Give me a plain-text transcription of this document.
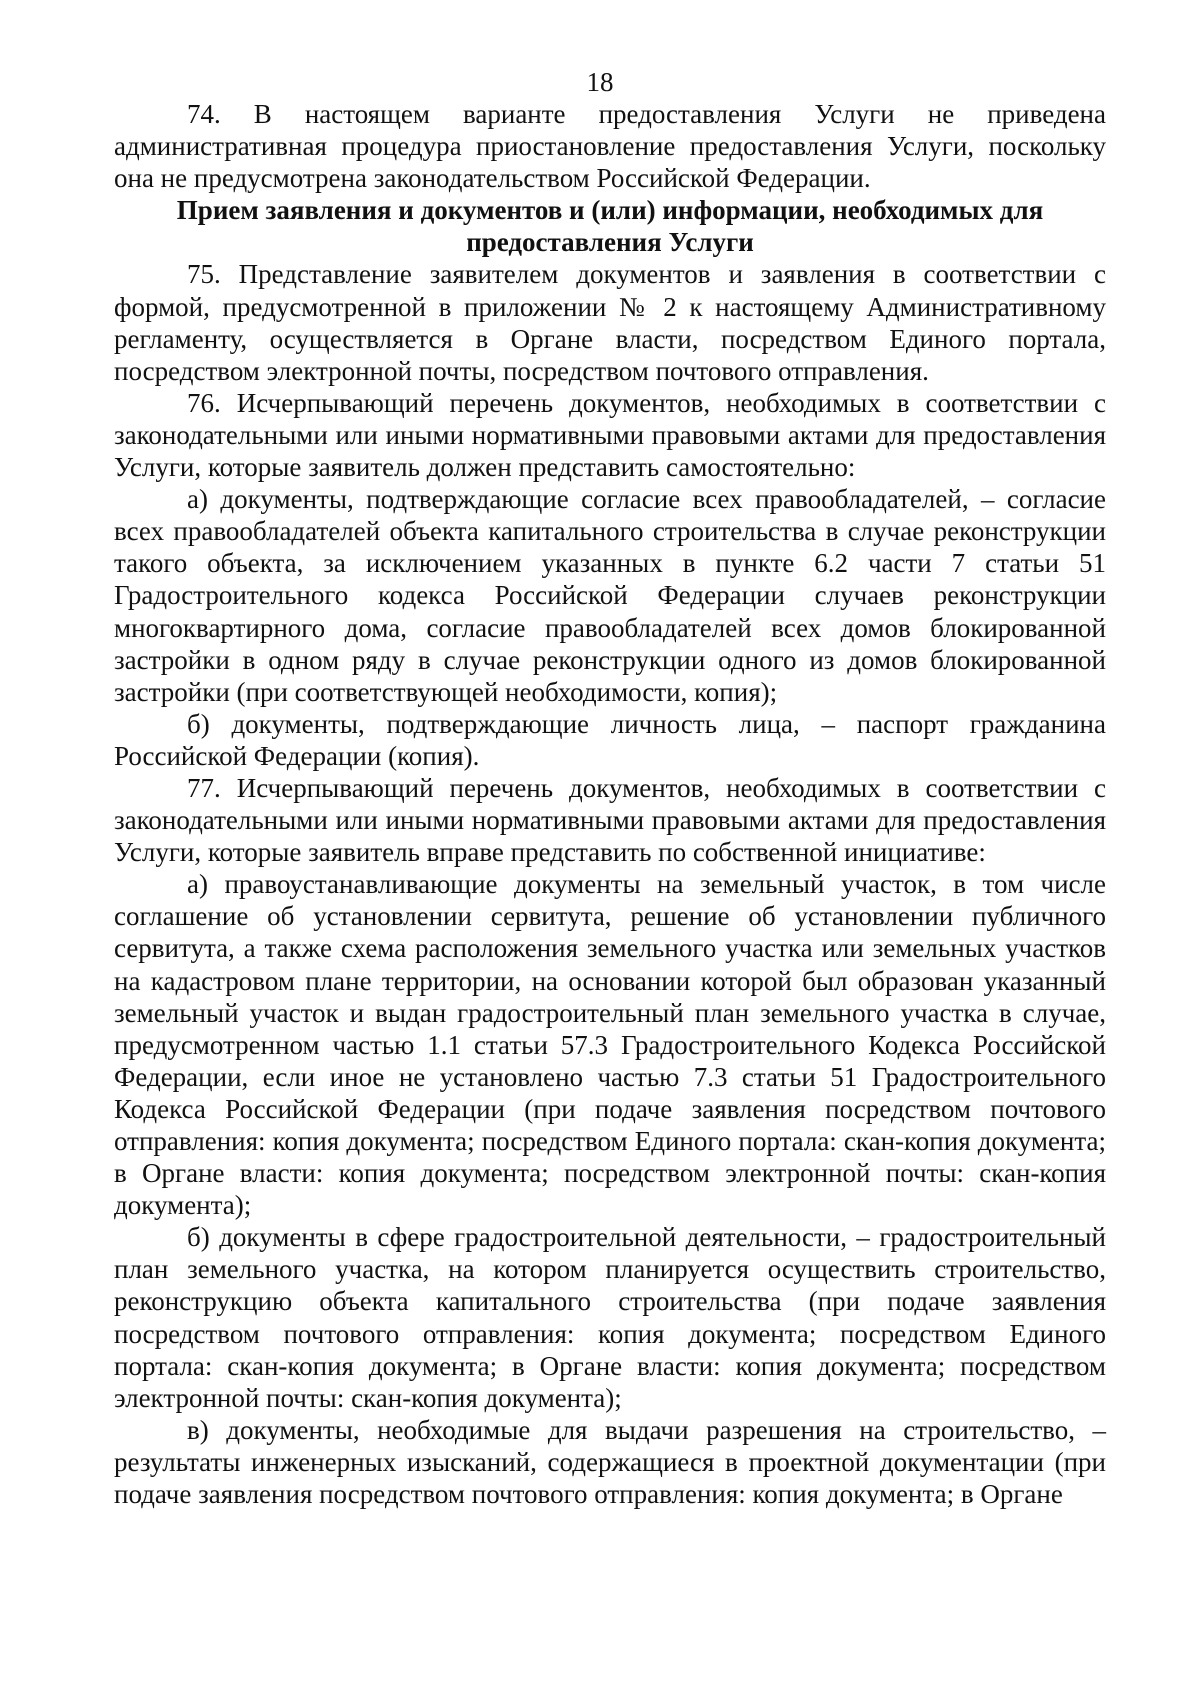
18

74. В настоящем варианте предоставления Услуги не приведена административная процедура приостановление предоставления Услуги, поскольку она не предусмотрена законодательством Российской Федерации.

Прием заявления и документов и (или) информации, необходимых для
предоставления Услуги

75. Представление заявителем документов и заявления в соответствии с формой, предусмотренной в приложении № 2 к настоящему Административному регламенту, осуществляется в Органе власти, посредством Единого портала, посредством электронной почты, посредством почтового отправления.

76. Исчерпывающий перечень документов, необходимых в соответствии с законодательными или иными нормативными правовыми актами для предоставления Услуги, которые заявитель должен представить самостоятельно:

а) документы, подтверждающие согласие всех правообладателей, – согласие всех правообладателей объекта капитального строительства в случае реконструкции такого объекта, за исключением указанных в пункте 6.2 части 7 статьи 51 Градостроительного кодекса Российской Федерации случаев реконструкции многоквартирного дома, согласие правообладателей всех домов блокированной застройки в одном ряду в случае реконструкции одного из домов блокированной застройки (при соответствующей необходимости, копия);

б) документы, подтверждающие личность лица, – паспорт гражданина Российской Федерации (копия).

77. Исчерпывающий перечень документов, необходимых в соответствии с законодательными или иными нормативными правовыми актами для предоставления Услуги, которые заявитель вправе представить по собственной инициативе:

а) правоустанавливающие документы на земельный участок, в том числе соглашение об установлении сервитута, решение об установлении публичного сервитута, а также схема расположения земельного участка или земельных участков на кадастровом плане территории, на основании которой был образован указанный земельный участок и выдан градостроительный план земельного участка в случае, предусмотренном частью 1.1 статьи 57.3 Градостроительного Кодекса Российской Федерации, если иное не установлено частью 7.3 статьи 51 Градостроительного Кодекса Российской Федерации (при подаче заявления посредством почтового отправления: копия документа; посредством Единого портала: скан-копия документа; в Органе власти: копия документа; посредством электронной почты: скан-копия документа);

б) документы в сфере градостроительной деятельности, – градостроительный план земельного участка, на котором планируется осуществить строительство, реконструкцию объекта капитального строительства (при подаче заявления посредством почтового отправления: копия документа; посредством Единого портала: скан-копия документа; в Органе власти: копия документа; посредством электронной почты: скан-копия документа);

в) документы, необходимые для выдачи разрешения на строительство, – результаты инженерных изысканий, содержащиеся в проектной документации (при подаче заявления посредством почтового отправления: копия документа; в Органе
